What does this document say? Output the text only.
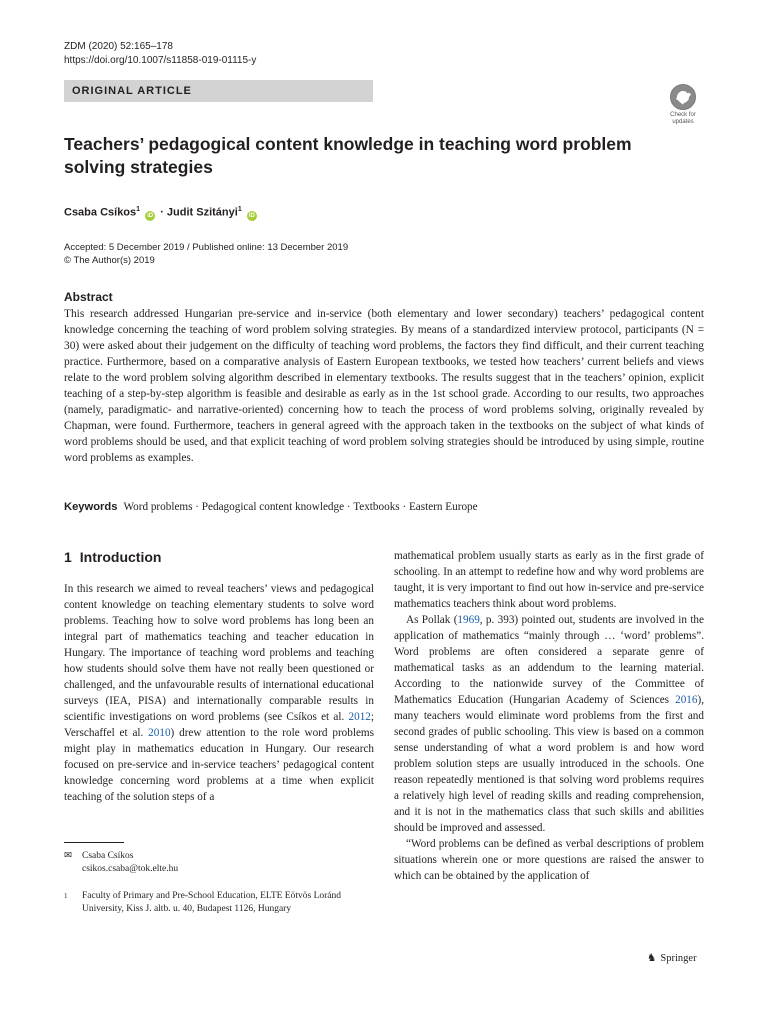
ZDM (2020) 52:165–178
https://doi.org/10.1007/s11858-019-01115-y
ORIGINAL ARTICLE
Check for updates
Teachers’ pedagogical content knowledge in teaching word problem solving strategies
Csaba Csíkos$^1$ iD · Judit Szitányi$^1$ iD
Accepted: 5 December 2019 / Published online: 13 December 2019
© The Author(s) 2019
Abstract
This research addressed Hungarian pre-service and in-service (both elementary and lower secondary) teachers’ pedagogical content knowledge concerning the teaching of word problem solving strategies. By means of a standardized interview protocol, participants (N = 30) were asked about their judgement on the difficulty of teaching word problems, the factors they find difficult, and their current teaching practice. Furthermore, based on a comparative analysis of Eastern European textbooks, we tested how teachers’ current beliefs and views relate to the word problem solving algorithm described in elementary textbooks. The results suggest that in the teachers’ opinion, explicit teaching of a step-by-step algorithm is feasible and desirable as early as in the 1st school grade. According to our results, two approaches (namely, paradigmatic- and narrative-oriented) concerning how to teach the process of word problems solving, originally revealed by Chapman, were found. Furthermore, teachers in general agreed with the approach taken in the textbooks on the subject of what kinds of word problems should be used, and that explicit teaching of word problem solving strategies should be introduced by using simple, routine word problems as examples.
Keywords Word problems · Pedagogical content knowledge · Textbooks · Eastern Europe
1 Introduction

In this research we aimed to reveal teachers’ views and pedagogical content knowledge on teaching elementary students to solve word problems. Teaching how to solve word problems has long been an integral part of mathematics teaching and teacher education in Hungary. The importance of teaching word problems and teaching how students should solve them have not really been questioned or challenged, and the unfavourable results of international educational surveys (IEA, PISA) and internationally comparable results in scientific investigations on word problems (see Csíkos et al. 2012; Verschaffel et al. 2010) drew attention to the role word problems might play in mathematics education in Hungary. Our research focused on pre-service and in-service teachers’ pedagogical content knowledge concerning word problems at a time when explicit teaching of the solution steps of a

mathematical problem usually starts as early as in the first grade of schooling. In an attempt to redefine how and why word problems are taught, it is very important to find out how in-service and pre-service mathematics teachers think about word problems.

As Pollak (1969, p. 393) pointed out, students are involved in the application of mathematics “mainly through … ‘word’ problems”. Word problems are often considered a separate genre of mathematical tasks as an addendum to the learning material. According to the nationwide survey of the Committee of Mathematics Education (Hungarian Academy of Sciences 2016), many teachers would eliminate word problems from the first and second grades of public schooling. This view is based on a common sense understanding of what a word problem is and how word problem solution steps are usually introduced in the schools. One reason repeatedly mentioned is that solving word problems requires a relatively high level of reading skills and reading comprehension, and it is not in the mathematics class that such skills and abilities should be improved and assessed.

“Word problems can be defined as verbal descriptions of problem situations wherein one or more questions are raised the answer to which can be obtained by the application of

✉ Csaba Csíkos
csikos.csaba@tok.elte.hu
1 Faculty of Primary and Pre-School Education, ELTE Eötvös Loránd University, Kiss J. altb. u. 40, Budapest 1126, Hungary
♞ Springer
